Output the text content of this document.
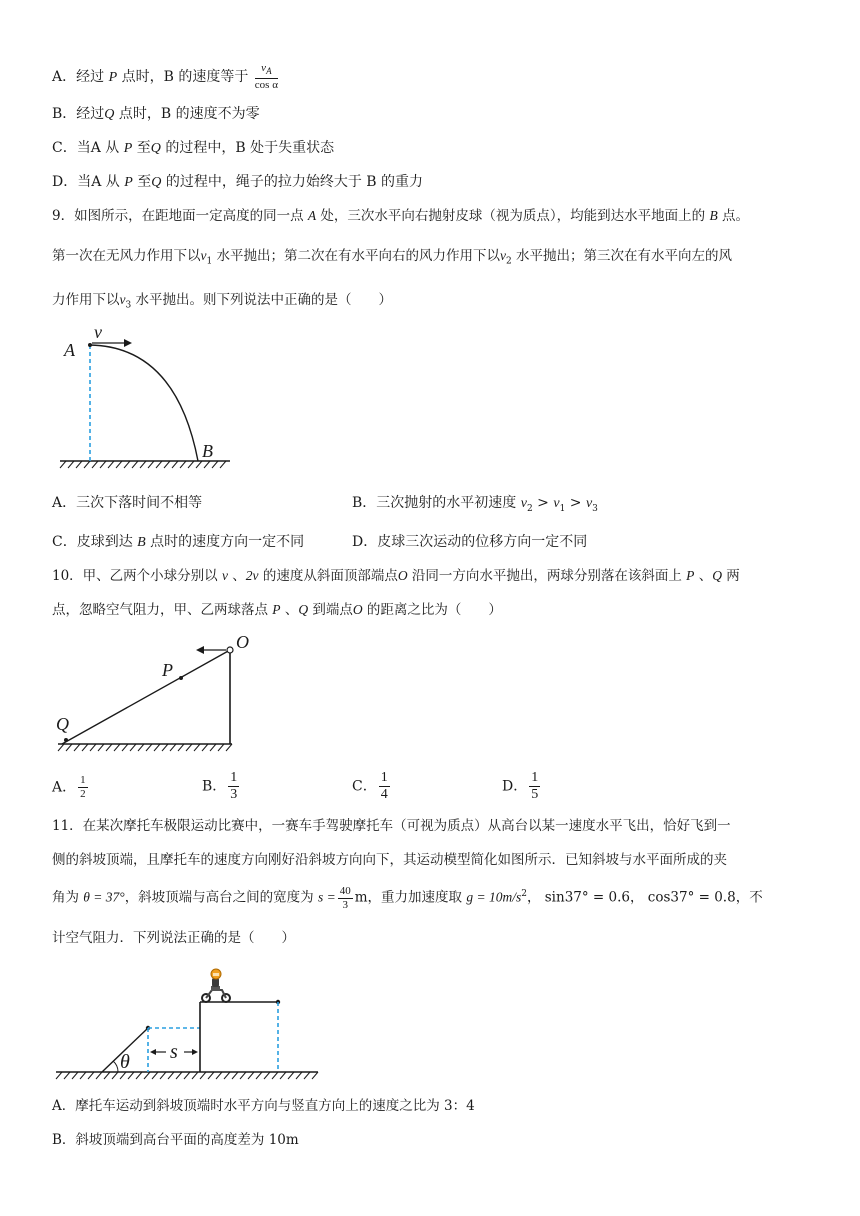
A．经过 P 点时，B 的速度等于 $\frac{v_A}{\text{cos α}}$
B．经过Q 点时，B 的速度不为零
C．当A 从 P 至Q 的过程中，B 处于失重状态
D．当A 从 P 至Q 的过程中，绳子的拉力始终大于 B 的重力
9．如图所示，在距地面一定高度的同一点 A 处，三次水平向右抛射皮球（视为质点），均能到达水平地面上的 B 点。
第一次在无风力作用下以$v_1$ 水平抛出；第二次在有水平向右的风力作用下以$v_2$ 水平抛出；第三次在有水平向左的风
力作用下以$v_3$ 水平抛出。则下列说法中正确的是（　　）
v
A
B
A．三次下落时间不相等	B．三次抛射的水平初速度 $v_2 > v_1 > v_3$
C．皮球到达 B 点时的速度方向一定不同	D．皮球三次运动的位移方向一定不同
10．甲、乙两个小球分别以 v 、2v 的速度从斜面顶部端点O 沿同一方向水平抛出，两球分别落在该斜面上 P 、Q 两
点，忽略空气阻力，甲、乙两球落点 P 、Q 到端点O 的距离之比为（　　）
O
P
Q
A． $\frac{1}{2}$	B． $\frac{1}{3}$	C． $\frac{1}{4}$	D． $\frac{1}{5}$
11．在某次摩托车极限运动比赛中，一赛车手驾驶摩托车（可视为质点）从高台以某一速度水平飞出，恰好飞到一
侧的斜坡顶端，且摩托车的速度方向刚好沿斜坡方向向下，其运动模型简化如图所示．已知斜坡与水平面所成的夹
角为 θ = 37°，斜坡顶端与高台之间的宽度为 $s = \frac{40}{3}$ m，重力加速度取 $g = 10m/s^2$， sin37° = 0.6， cos37° = 0.8，不
计空气阻力．下列说法正确的是（　　）
s
θ
A．摩托车运动到斜坡顶端时水平方向与竖直方向上的速度之比为 3：4
B．斜坡顶端到高台平面的高度差为 10m
